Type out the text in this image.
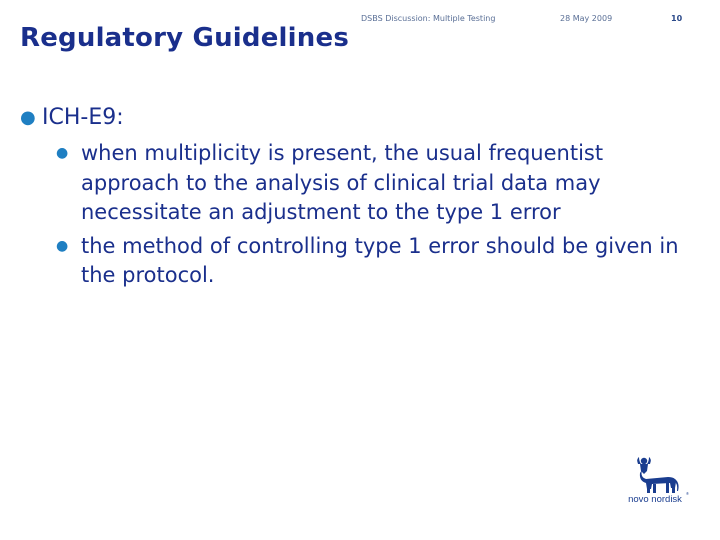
DSBS Discussion: Multiple Testing	28 May 2009	10
Regulatory Guidelines
● ICH-E9:
● when multiplicity is present, the usual frequentist approach to the analysis of clinical trial data may necessitate an adjustment to the type 1 error
● the method of controlling type 1 error should be given in the protocol.
novo nordisk
®
